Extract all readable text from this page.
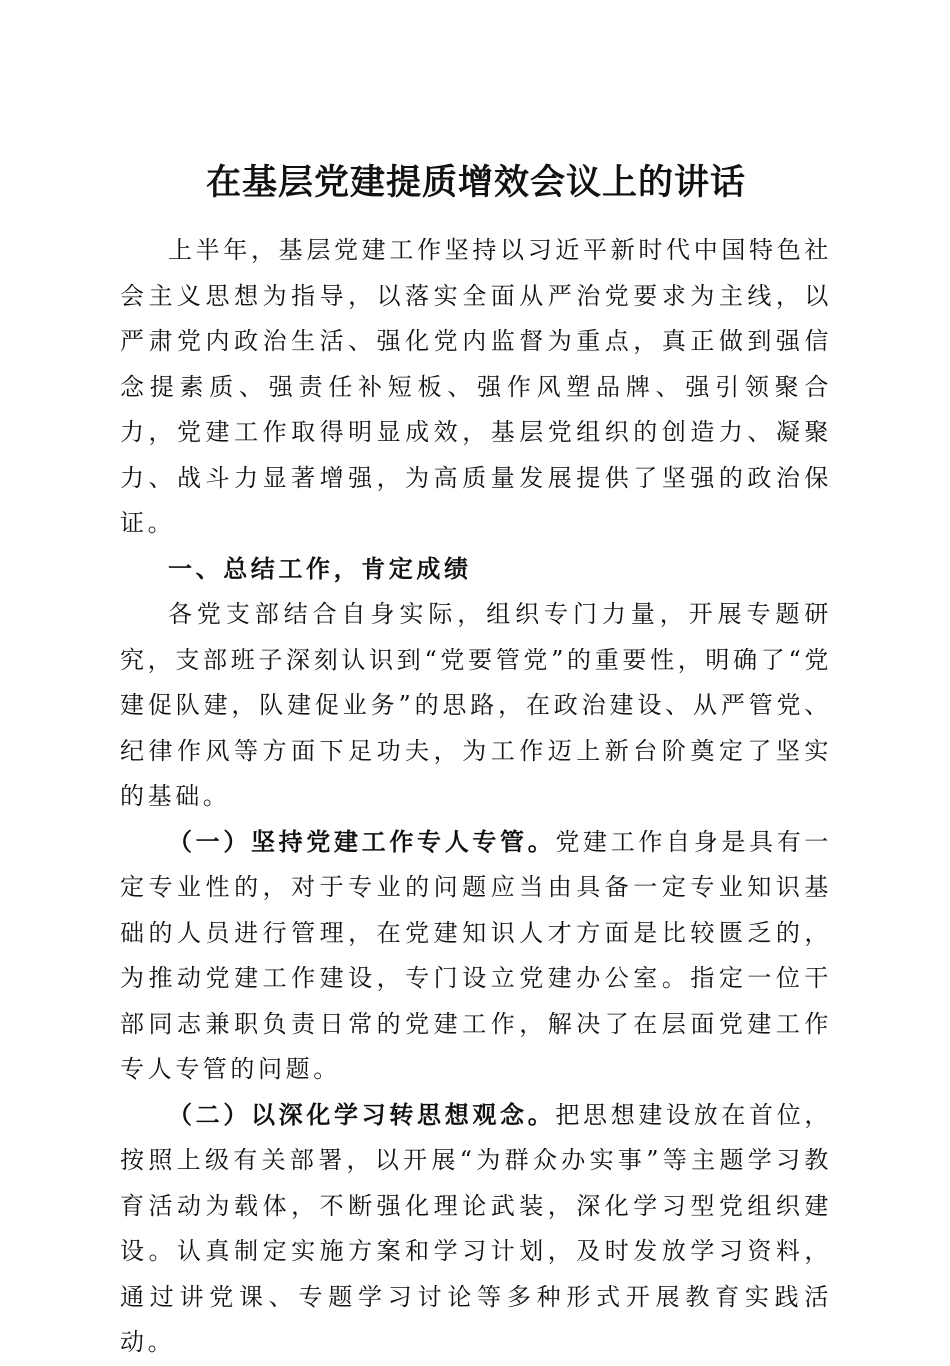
在基层党建提质增效会议上的讲话

上半年，基层党建工作坚持以习近平新时代中国特色社会主义思想为指导，以落实全面从严治党要求为主线，以严肃党内政治生活、强化党内监督为重点，真正做到强信念提素质、强责任补短板、强作风塑品牌、强引领聚合力，党建工作取得明显成效，基层党组织的创造力、凝聚力、战斗力显著增强，为高质量发展提供了坚强的政治保证。

一、总结工作，肯定成绩

各党支部结合自身实际，组织专门力量，开展专题研究，支部班子深刻认识到“党要管党”的重要性，明确了“党建促队建，队建促业务”的思路，在政治建设、从严管党、纪律作风等方面下足功夫，为工作迈上新台阶奠定了坚实的基础。

（一）坚持党建工作专人专管。党建工作自身是具有一定专业性的，对于专业的问题应当由具备一定专业知识基础的人员进行管理，在党建知识人才方面是比较匮乏的，为推动党建工作建设，专门设立党建办公室。指定一位干部同志兼职负责日常的党建工作，解决了在层面党建工作专人专管的问题。

（二）以深化学习转思想观念。把思想建设放在首位，按照上级有关部署，以开展“为群众办实事”等主题学习教育活动为载体，不断强化理论武装，深化学习型党组织建设。认真制定实施方案和学习计划，及时发放学习资料，通过讲党课、专题学习讨论等多种形式开展教育实践活动。
